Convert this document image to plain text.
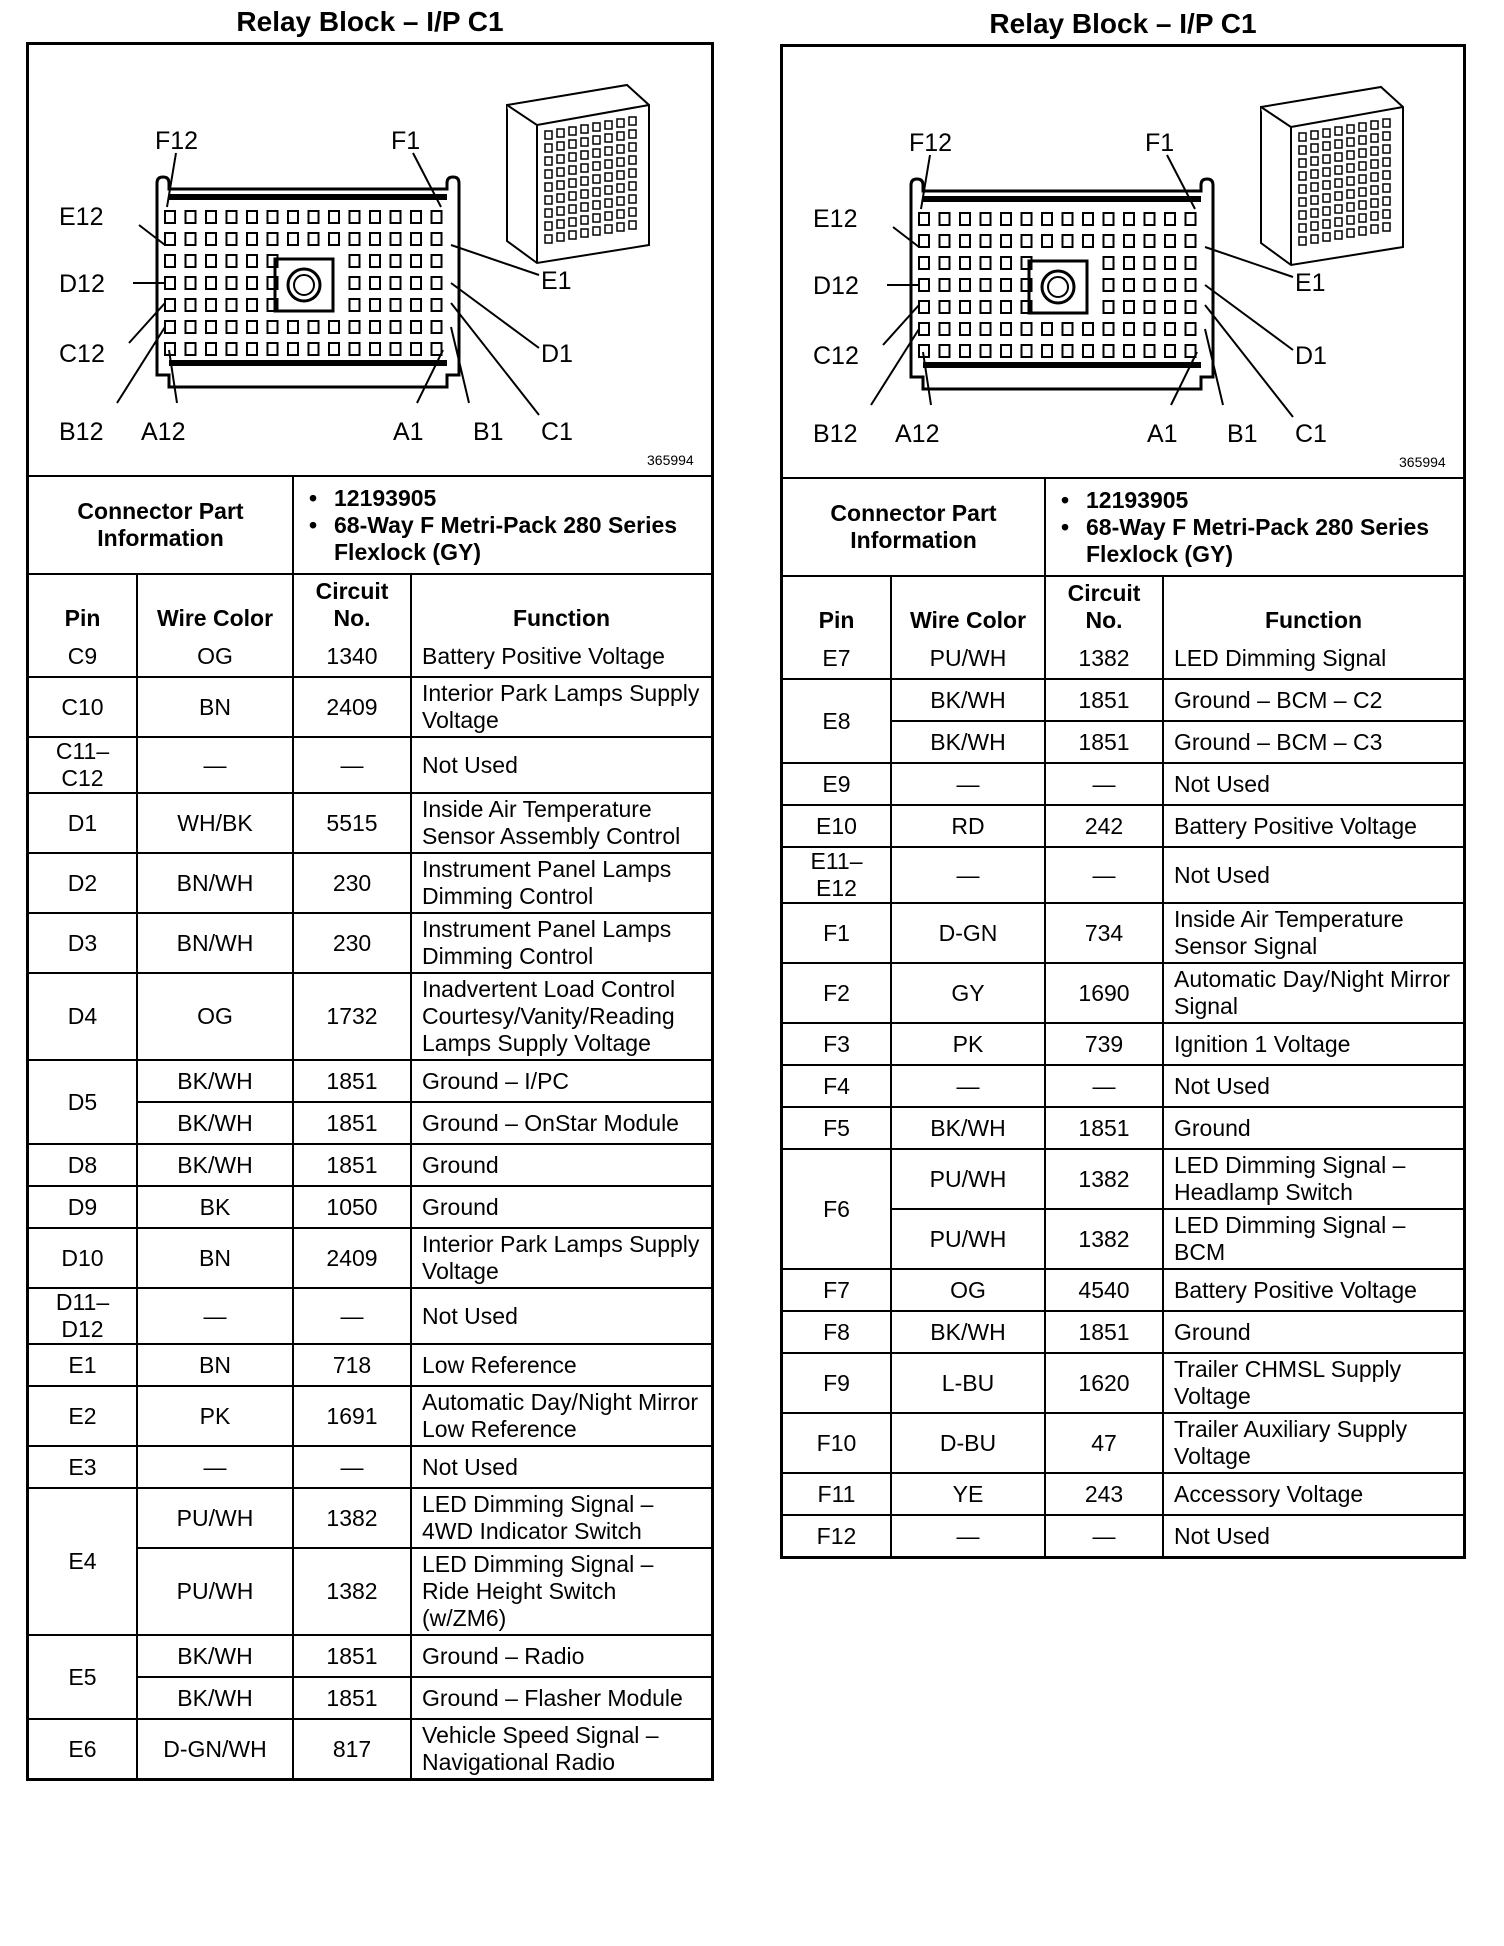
Relay Block – I/P C1
F12	F1
E12
E1
D12
D1
C12
C1
B12 A12	A1 B1
365994
Connector Part Information	
• 12193905
• 68-Way F Metri-Pack 280 Series Flexlock (GY)
Pin	Wire Color	Circuit No.	Function
C9	OG	1340	Battery Positive Voltage
C10	BN	2409	Interior Park Lamps Supply Voltage
C11–
C12	—	—	Not Used
D1	WH/BK	5515	Inside Air Temperature Sensor Assembly Control
D2	BN/WH	230	Instrument Panel Lamps Dimming Control
D3	BN/WH	230	Instrument Panel Lamps Dimming Control
D4	OG	1732	Inadvertent Load Control Courtesy/Vanity/Reading Lamps Supply Voltage
D5	BK/WH	1851	Ground – I/PC
	BK/WH	1851	Ground – OnStar Module
D8	BK/WH	1851	Ground
D9	BK	1050	Ground
D10	BN	2409	Interior Park Lamps Supply Voltage
D11–
D12	—	—	Not Used
E1	BN	718	Low Reference
E2	PK	1691	Automatic Day/Night Mirror Low Reference
E3	—	—	Not Used
E4	PU/WH	1382	LED Dimming Signal – 4WD Indicator Switch
	PU/WH	1382	LED Dimming Signal – Ride Height Switch (w/ZM6)
E5	BK/WH	1851	Ground – Radio
	BK/WH	1851	Ground – Flasher Module
E6	D-GN/WH	817	Vehicle Speed Signal – Navigational Radio
Relay Block – I/P C1
F12	F1
E12
E1
D12
D1
C12
C1
B12 A12	A1 B1
365994
Connector Part Information	
• 12193905
• 68-Way F Metri-Pack 280 Series Flexlock (GY)
Pin	Wire Color	Circuit No.	Function
E7	PU/WH	1382	LED Dimming Signal
E8	BK/WH	1851	Ground – BCM – C2
	BK/WH	1851	Ground – BCM – C3
E9	—	—	Not Used
E10	RD	242	Battery Positive Voltage
E11–
E12	—	—	Not Used
F1	D-GN	734	Inside Air Temperature Sensor Signal
F2	GY	1690	Automatic Day/Night Mirror Signal
F3	PK	739	Ignition 1 Voltage
F4	—	—	Not Used
F5	BK/WH	1851	Ground
F6	PU/WH	1382	LED Dimming Signal – Headlamp Switch
	PU/WH	1382	LED Dimming Signal – BCM
F7	OG	4540	Battery Positive Voltage
F8	BK/WH	1851	Ground
F9	L-BU	1620	Trailer CHMSL Supply Voltage
F10	D-BU	47	Trailer Auxiliary Supply Voltage
F11	YE	243	Accessory Voltage
F12	—	—	Not Used
